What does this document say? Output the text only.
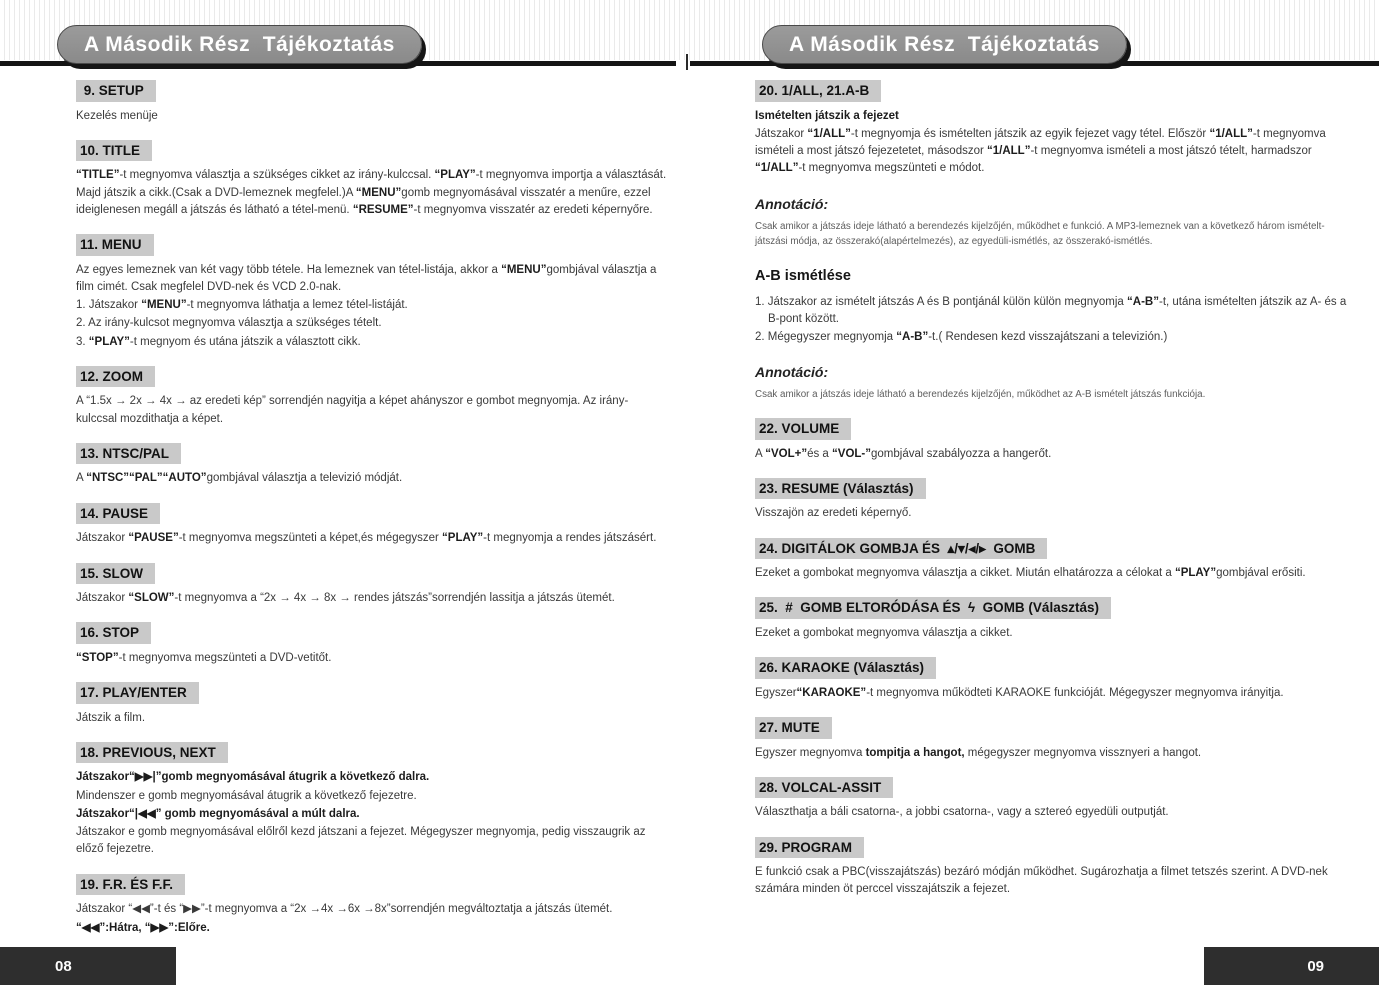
A Második Rész  Tájékoztatás	A Második Rész  Tájékoztatás
9. SETUP

Kezelés menüje

10. TITLE

“TITLE”-t megnyomva választja a szükséges cikket az irány-kulccsal. “PLAY”-t megnyomva importja a választását. Majd játszik a cikk.(Csak a DVD-lemeznek megfelel.)A “MENU”gomb megnyomásával visszatér a menűre, ezzel ideiglenesen megáll a játszás és látható a tétel-menü. “RESUME”-t megnyomva visszatér az eredeti képernyőre.

11. MENU

Az egyes lemeznek van két vagy több tétele. Ha lemeznek van tétel-listája, akkor a “MENU”gombjával választja a film cimét. Csak megfelel DVD-nek és VCD 2.0-nak.

1. Játszakor “MENU”-t megnyomva láthatja a lemez tétel-listáját.

2. Az irány-kulcsot megnyomva választja a szükséges tételt.

3. “PLAY”-t megnyom és utána játszik a választott cikk.

12. ZOOM

A “1.5x → 2x → 4x → az eredeti kép” sorrendjén nagyitja a képet ahányszor e gombot megnyomja. Az irány-kulccsal mozdithatja a képet.

13. NTSC/PAL

A “NTSC”“PAL”“AUTO”gombjával választja a televizió módját.

14. PAUSE

Játszakor “PAUSE”-t megnyomva megszünteti a képet,és mégegyszer “PLAY”-t megnyomja a rendes játszásért.

15. SLOW

Játszakor “SLOW”-t megnyomva a “2x → 4x → 8x → rendes játszás”sorrendjén lassitja a játszás ütemét.

16. STOP

“STOP”-t megnyomva megszünteti a DVD-vetitőt.

17. PLAY/ENTER

Játszik a film.

18. PREVIOUS, NEXT

Játszakor“▶▶|”gomb megnyomásával átugrik a következő dalra.

Mindenszer e gomb megnyomásával átugrik a következő fejezetre.

Játszakor“|◀◀” gomb megnyomásával a múlt dalra.

Játszakor e gomb megnyomásával előlről kezd játszani a fejezet. Mégegyszer megnyomja, pedig visszaugrik az előző fejezetre.

19. F.R. ÉS F.F.

Játszakor “◀◀”-t és “▶▶”-t megnyomva a “2x →4x →6x →8x”sorrendjén megváltoztatja a játszás ütemét.

“◀◀”:Hátra, “▶▶”:Előre.

20. 1/ALL, 21.A-B

Ismételten játszik a fejezet

Játszakor “1/ALL”-t megnyomja és ismételten játszik az egyik fejezet vagy tétel. Először “1/ALL”-t megnyomva ismételi a most játszó fejezetetet, másodszor “1/ALL”-t megnyomva ismételi a most játszó tételt, harmadszor “1/ALL”-t megnyomva megszünteti e módot.

Annotáció:

Csak amikor a játszás ideje látható a berendezés kijelzőjén, működhet e funkció. A MP3-lemeznek van a következő három ismételt-játszási módja, az összerakó(alapértelmezés), az egyedüli-ismétlés, az összerakó-ismétlés.

A-B ismétlése

1. Játszakor az ismételt játszás A és B pontjánál külön külön megnyomja “A-B”-t, utána ismételten játszik az A- és a B-pont között.

2. Mégegyszer megnyomja “A-B”-t.( Rendesen kezd visszajátszani a televizión.)

Annotáció:

Csak amikor a játszás ideje látható a berendezés kijelzőjén, működhet az A-B ismételt játszás funkciója.

22. VOLUME

A “VOL+”és a “VOL-”gombjával szabályozza a hangerőt.

23. RESUME (Választás)

Visszajön az eredeti képernyő.

24. DIGITÁLOK GOMBJA ÉS  ▴/▾/◂/▸  GOMB

Ezeket a gombokat megnyomva választja a cikket. Miután elhatározza a célokat a “PLAY”gombjával erősiti.

25.  #  GOMB ELTORÓDÁSA ÉS  ϟ  GOMB (Választás)

Ezeket a gombokat megnyomva választja a cikket.

26. KARAOKE (Választás)

Egyszer“KARAOKE”-t megnyomva működteti KARAOKE funkcióját. Mégegyszer megnyomva irányitja.

27. MUTE

Egyszer megnyomva tompitja a hangot, mégegyszer megnyomva vissznyeri a hangot.

28. VOLCAL-ASSIT

Választhatja a báli csatorna-, a jobbi csatorna-, vagy a sztereó egyedüli outputját.

29. PROGRAM

E funkció csak a PBC(visszajátszás) bezáró módján működhet. Sugározhatja a filmet tetszés szerint. A DVD-nek számára minden öt perccel visszajátszik a fejezet.

08	09
